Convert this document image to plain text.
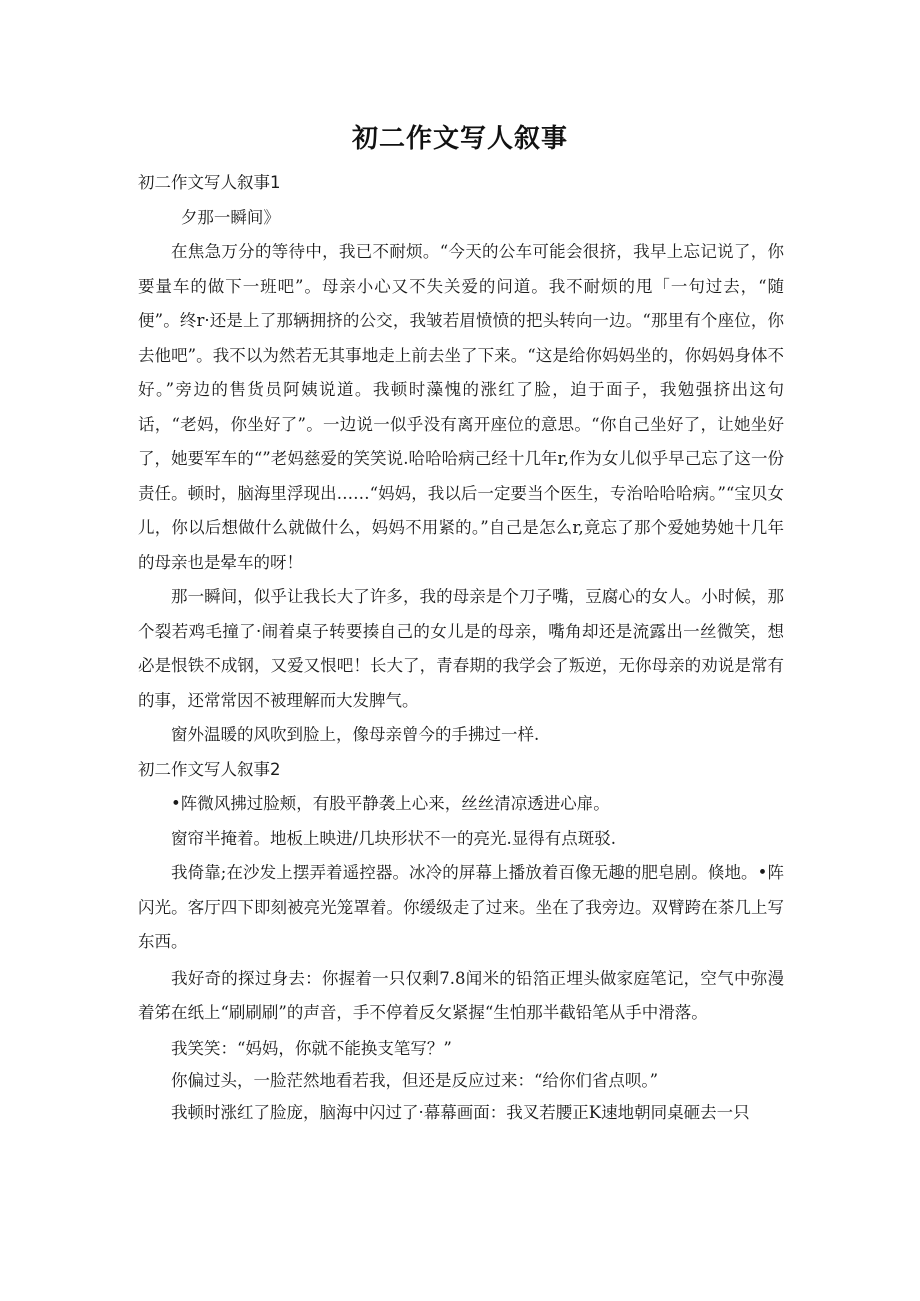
初二作文写人叙事

初二作文写人叙事1

夕那一瞬间》

在焦急万分的等待中，我已不耐烦。“今天的公车可能会很挤，我早上忘记说了，你要量车的做下一班吧”。母亲小心又不失关爱的问道。我不耐烦的甩「一句过去，“随便”。终r·还是上了那辆拥挤的公交，我皱若眉愤愤的把头转向一边。“那里有个座位，你去他吧”。我不以为然若无其事地走上前去坐了下来。“这是给你妈妈坐的，你妈妈身体不好。”旁边的售货员阿姨说道。我顿时藻愧的涨红了脸，迫于面子，我勉强挤出这句话，“老妈，你坐好了”。一边说一似乎没有离开座位的意思。“你自己坐好了，让她坐好了，她要军车的“”老妈慈爱的笑笑说.哈哈哈病己经十几年r,作为女儿似乎早己忘了这一份责任。顿时，脑海里浮现出……“妈妈，我以后一定要当个医生，专治哈哈哈病。”“宝贝女儿，你以后想做什么就做什么，妈妈不用紧的。”自己是怎么r,竟忘了那个爱她势她十几年的母亲也是晕车的呀！

那一瞬间，似乎让我长大了许多，我的母亲是个刀子嘴，豆腐心的女人。小时候，那个裂若鸡毛撞了·闹着桌子转要揍自己的女儿是的母亲，嘴角却还是流露出一丝微笑，想必是恨铁不成钢，又爱又恨吧！长大了，青春期的我学会了叛逆，无你母亲的劝说是常有的事，还常常因不被理解而大发脾气。

窗外温暖的风吹到脸上，像母亲曾今的手拂过一样.

初二作文写人叙事2

•阵微风拂过脸颊，有股平静袭上心来，丝丝清凉透进心扉。

窗帘半掩着。地板上映进/几块形状不一的亮光.显得有点斑驳.

我倚靠;在沙发上摆弄着遥控器。冰冷的屏幕上播放着百像无趣的肥皂剧。倏地。•阵闪光。客厅四下即刻被亮光笼罩着。你缓级走了过来。坐在了我旁边。双臂跨在茶几上写东西。

我好奇的探过身去：你握着一只仅剩7.8闻米的铅箔正埋头做家庭笔记，空气中弥漫着笫在纸上“刷刷刷”的声音，手不停着反攵紧握“生怕那半截铅笔从手中滑落。

我笑笑：“妈妈，你就不能换支笔写？”

你偏过头，一脸茫然地看若我，但还是反应过来：“给你们省点呗。”

我顿时涨红了脸庞，脑海中闪过了·幕幕画面：我叉若腰正K速地朝同桌砸去一只
